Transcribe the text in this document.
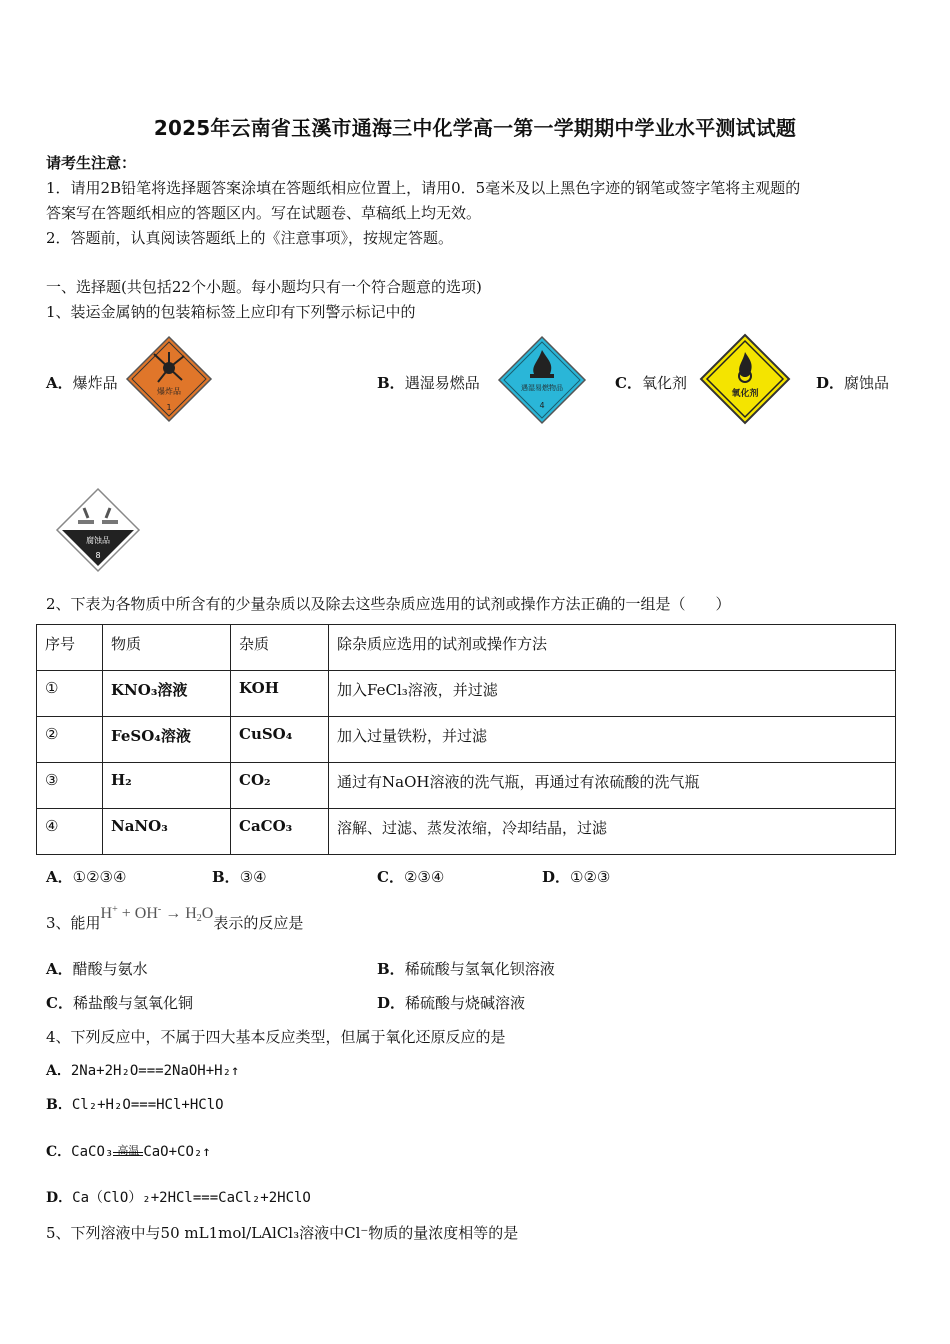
2025年云南省玉溪市通海三中化学高一第一学期期中学业水平测试试题
请考生注意：
1．请用2B铅笔将选择题答案涂填在答题纸相应位置上，请用0．5毫米及以上黑色字迹的钢笔或签字笔将主观题的
答案写在答题纸相应的答题区内。写在试题卷、草稿纸上均无效。
2．答题前，认真阅读答题纸上的《注意事项》，按规定答题。
一、选择题(共包括22个小题。每小题均只有一个符合题意的选项)
1、装运金属钠的包装箱标签上应印有下列警示标记中的
A．爆炸品	爆炸品
1
B．遇湿易燃品	遇湿易燃物品
4
C．氧化剂
氧化剂
D．腐蚀品
腐蚀品
8
2、下表为各物质中所含有的少量杂质以及除去这些杂质应选用的试剂或操作方法正确的一组是（　　）
序号	物质	杂质	除杂质应选用的试剂或操作方法
①	KNO₃溶液	KOH	加入FeCl₃溶液，并过滤
②	FeSO₄溶液	CuSO₄	加入过量铁粉，并过滤
③	H₂	CO₂	通过有NaOH溶液的洗气瓶，再通过有浓硫酸的洗气瓶
④	NaNO₃	CaCO₃	溶解、过滤、蒸发浓缩，冷却结晶，过滤
A．①②③④	B．③④	C．②③④	D．①②③
3、能用$H^+ + OH^- \to H_2O$表示的反应是
A．醋酸与氨水	B．稀硫酸与氢氧化钡溶液
C．稀盐酸与氢氧化铜	D．稀硫酸与烧碱溶液
4、下列反应中，不属于四大基本反应类型，但属于氧化还原反应的是
A．2Na+2H₂O===2NaOH+H₂↑
B．Cl₂+H₂O===HCl+HClO
C．CaCO₃ 高温 CaO+CO₂↑
D．Ca（ClO）₂+2HCl===CaCl₂+2HClO
5、下列溶液中与50 mL1mol/LAlCl₃溶液中Cl⁻物质的量浓度相等的是
